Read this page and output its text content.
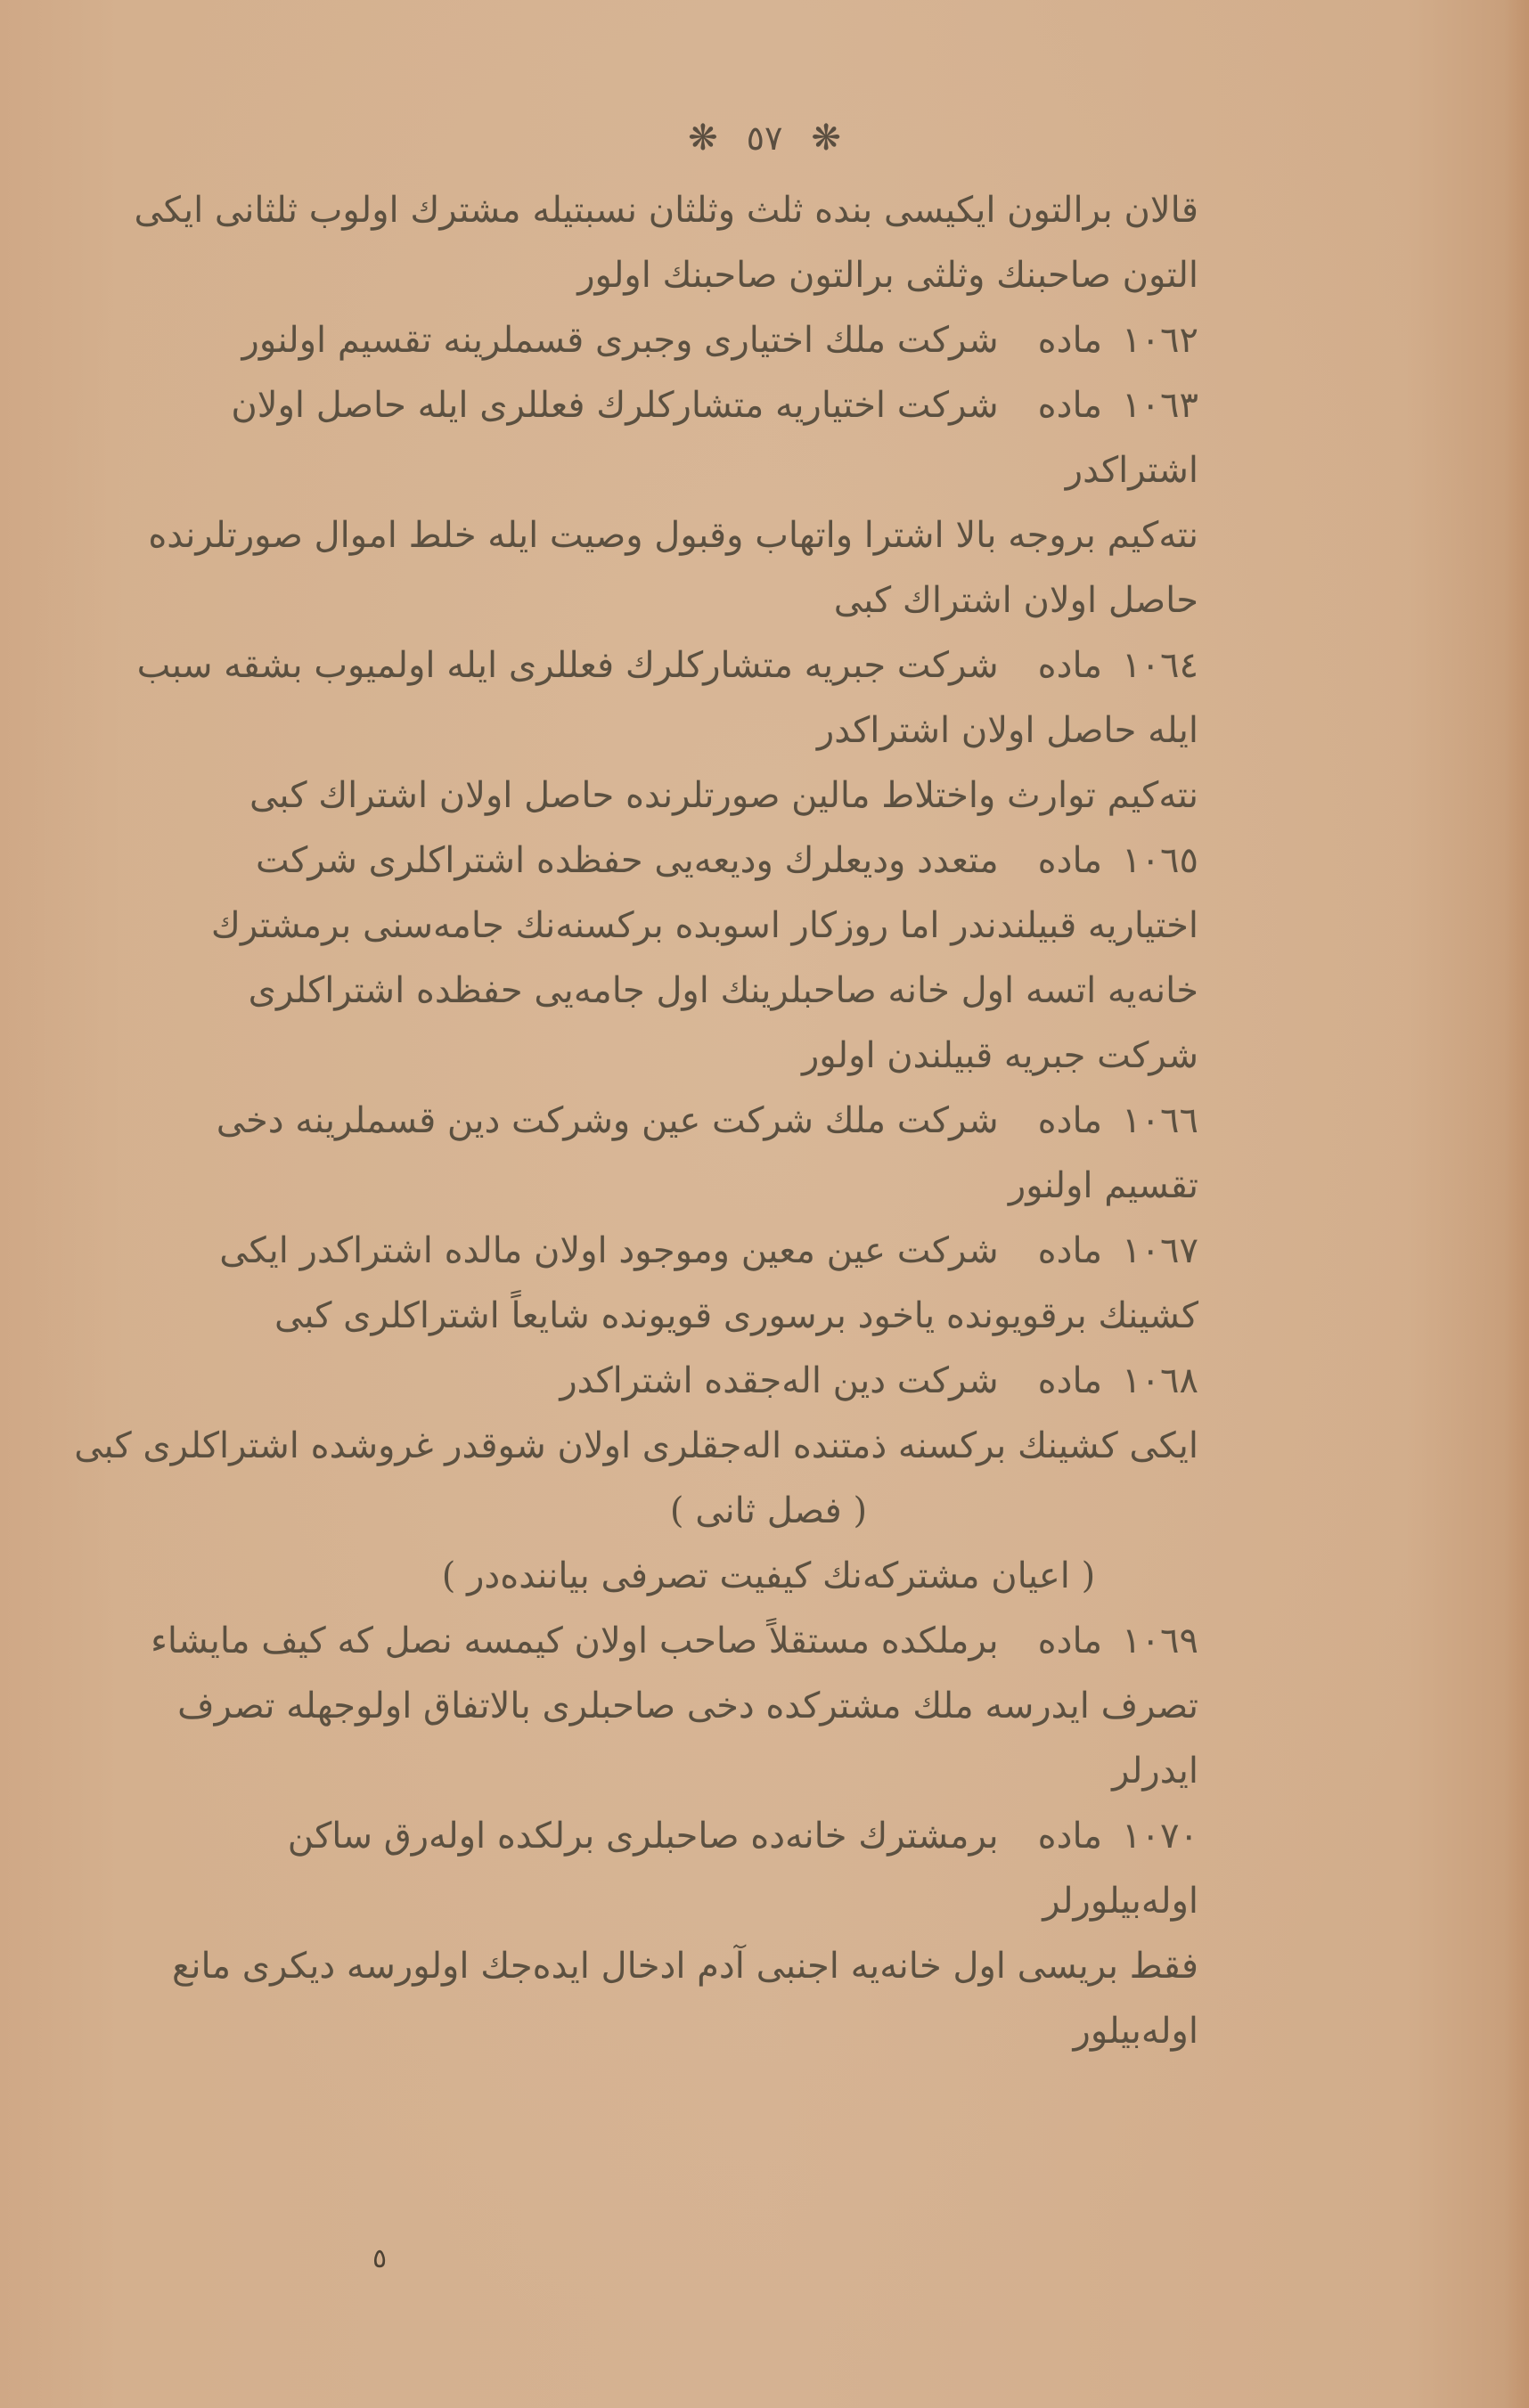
❋ ٥٧ ❋
قالان برالتون ایکیسی بنده ثلث وثلثان نسبتیله مشترك اولوب ثلثانی ایکی
التون صاحبنك وثلثی برالتون صاحبنك اولور
١٠٦٢مادهشرکت ملك اختیاری وجبری قسملرینه تقسیم اولنور
١٠٦٣مادهشرکت اختیاریه متشارکلرك فعللری ایله حاصل اولان
اشتراکدر
نته‌کیم بروجه بالا اشترا واتهاب وقبول وصیت ایله خلط اموال صورتلرنده
حاصل اولان اشتراك کبی
١٠٦٤مادهشرکت جبریه متشارکلرك فعللری ایله اولمیوب بشقه سبب
ایله حاصل اولان اشتراکدر
نته‌کیم توارث واختلاط مالین صورتلرنده حاصل اولان اشتراك کبی
١٠٦٥مادهمتعدد ودیعلرك ودیعه‌یی حفظده اشتراکلری شرکت
اختیاریه قبیلندندر اما روزکار اسوبده برکسنه‌نك جامه‌سنی برمشترك
خانه‌یه اتسه اول خانه صاحبلرینك اول جامه‌یی حفظده اشتراکلری
شرکت جبریه قبیلندن اولور
١٠٦٦مادهشرکت ملك شرکت عین وشرکت دین قسملرینه دخی
تقسیم اولنور
١٠٦٧مادهشرکت عین معین وموجود اولان مالده اشتراکدر ایکی
کشینك برقویونده یاخود برسوری قویونده شایعاً اشتراکلری کبی
١٠٦٨مادهشرکت دین الەجقده اشتراکدر
ایکی کشینك برکسنه ذمتنده الەجقلری اولان شوقدر غروشده اشتراکلری کبی
( فصل ثانی )
( اعیان مشترکه‌نك کیفیت تصرفی بیاننده‌در )
١٠٦٩مادهبرملکده مستقلاً صاحب اولان کیمسه نصل که کیف مایشاء
تصرف ایدرسه ملك مشترکده دخی صاحبلری بالاتفاق اولوجهله تصرف
ایدرلر
١٠٧٠مادهبرمشترك خانه‌ده صاحبلری برلکده اوله‌رق ساکن
اوله‌بیلورلر
فقط بریسی اول خانه‌یه اجنبی آدم ادخال ایده‌جك اولورسه دیکری مانع
اوله‌بیلور
٥
